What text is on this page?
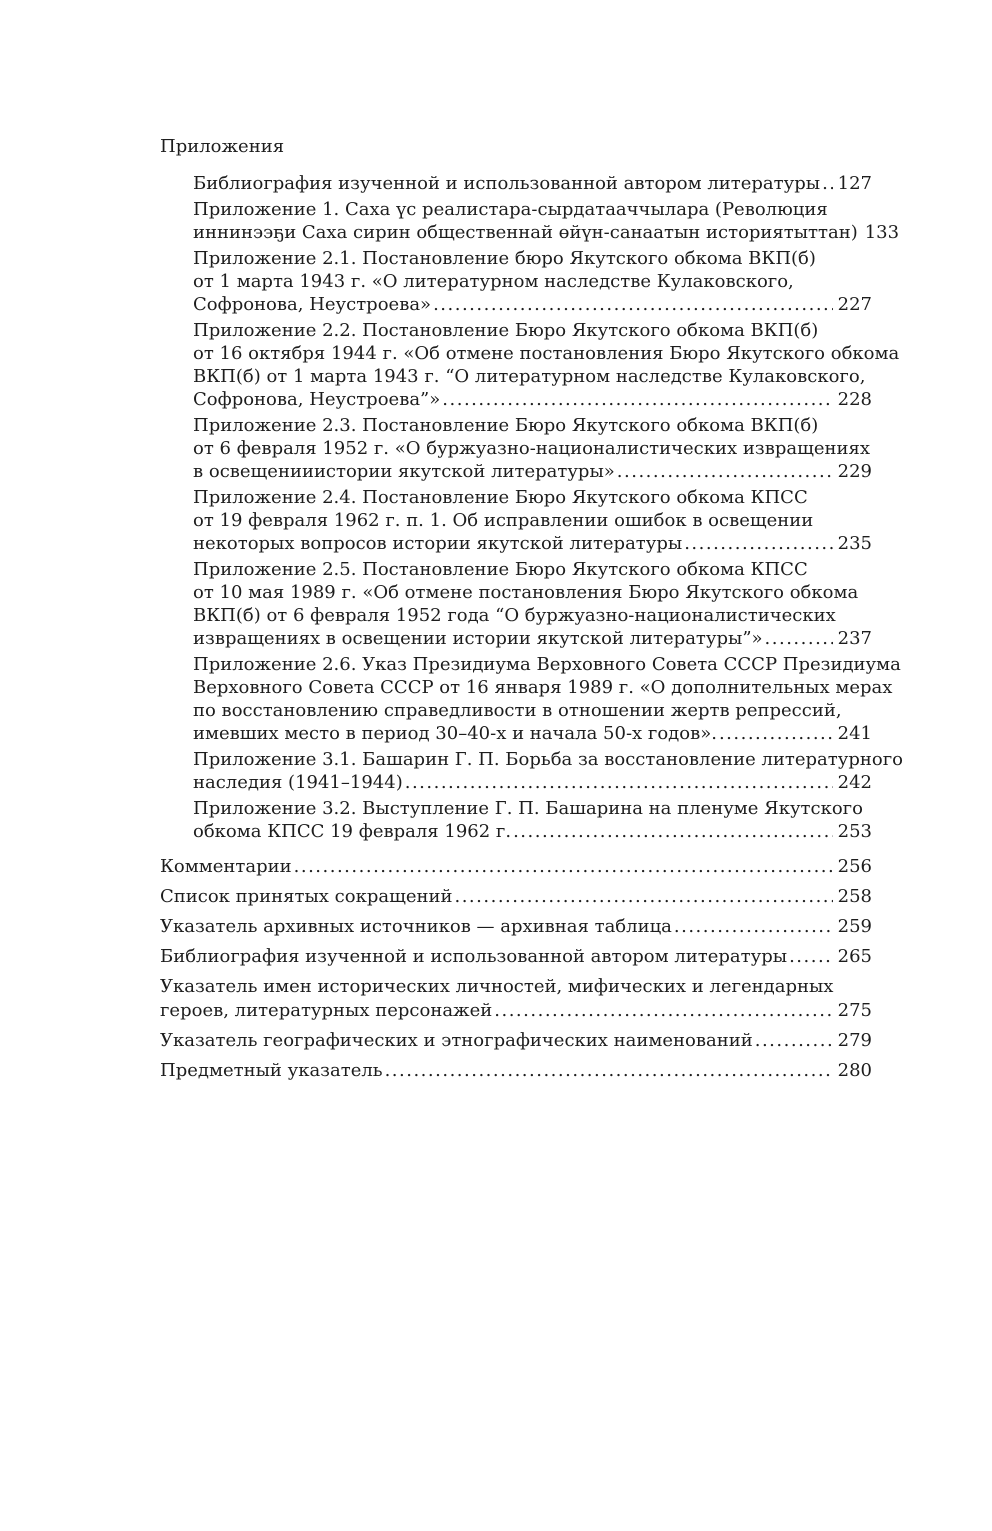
Приложения
Библиография изученной и использованной автором литературы ..... 127
Приложение 1. Саха үс реалистара-сырдатааччылара (Революция
иннинээҕи Саха сирин общественнай өйүн-санаатын историятыттан) 133
Приложение 2.1. Постановление бюро Якутского обкома ВКП(б)
от 1 марта 1943 г. «О литературном наследстве Кулаковского,
Софронова, Неустроева» .....	227
Приложение 2.2. Постановление Бюро Якутского обкома ВКП(б)
от 16 октября 1944 г. «Об отмене постановления Бюро Якутского обкома
ВКП(б) от 1 марта 1943 г. “О литературном наследстве Кулаковского,
Софронова, Неустроева”» .....	228
Приложение 2.3. Постановление Бюро Якутского обкома ВКП(б)
от 6 февраля 1952 г. «О буржуазно-националистических извращениях
в освещенииистории якутской литературы» .....	229
Приложение 2.4. Постановление Бюро Якутского обкома КПСС
от 19 февраля 1962 г. п. 1. Об исправлении ошибок в освещении
некоторых вопросов истории якутской литературы .....	235
Приложение 2.5. Постановление Бюро Якутского обкома КПСС
от 10 мая 1989 г. «Об отмене постановления Бюро Якутского обкома
ВКП(б) от 6 февраля 1952 года “О буржуазно-националистических
извращениях в освещении истории якутской литературы”» .....	237
Приложение 2.6. Указ Президиума Верховного Совета СССР Президиума
Верховного Совета СССР от 16 января 1989 г. «О дополнительных мерах
по восстановлению справедливости в отношении жертв репрессий,
имевших место в период 30–40-х и начала 50-х годов». .....	241
Приложение 3.1. Башарин Г. П. Борьба за восстановление литературного
наследия (1941–1944) .....	242
Приложение 3.2. Выступление Г. П. Башарина на пленуме Якутского
обкома КПСС 19 февраля 1962 г. .....	253
Комментарии .....	256
Список принятых сокращений .....	258
Указатель архивных источников — архивная таблица .....	259
Библиография изученной и использованной автором литературы .....	265
Указатель имен исторических личностей, мифических и легендарных
героев, литературных персонажей .....	275
Указатель географических и этнографических наименований .....	279
Предметный указатель .....	280
